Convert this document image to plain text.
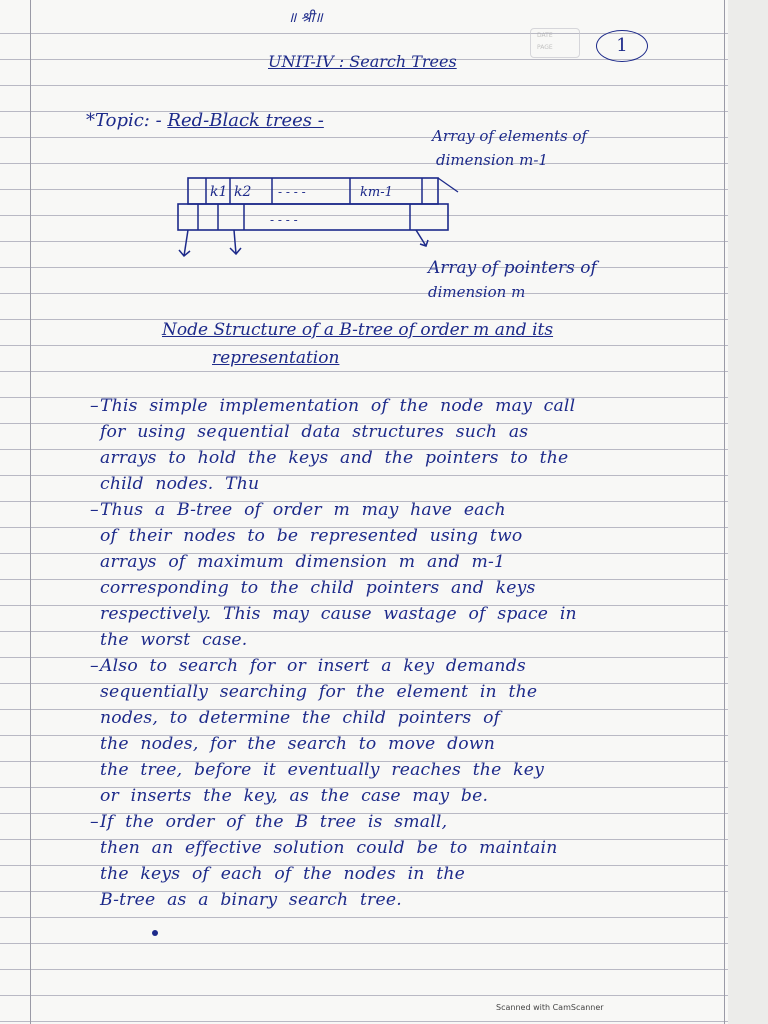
॥ श्री॥
DATE
PAGE	1
UNIT-IV : Search Trees
*Topic: - Red-Black trees -
Array of elements of
dimension m-1
k1 k2 - - - -	km-1
- - - -
Array of pointers of
dimension m
Node Structure of a B-tree of order m and its
representation
– This simple implementation of the node may call
for using sequential data structures such as
arrays to hold the keys and the pointers to the
child nodes. Thu
– Thus a B-tree of order m may have each
of their nodes to be represented using two
arrays of maximum dimension m and m-1
corresponding to the child pointers and keys
respectively. This may cause wastage of space in
the worst case.
– Also to search for or insert a key demands
sequentially searching for the element in the
nodes, to determine the child pointers of
the nodes, for the search to move down
the tree, before it eventually reaches the key
or inserts the key, as the case may be.
– If the order of the B tree is small,
then an effective solution could be to maintain
the keys of each of the nodes in the
B-tree as a binary search tree.
Scanned with CamScanner
